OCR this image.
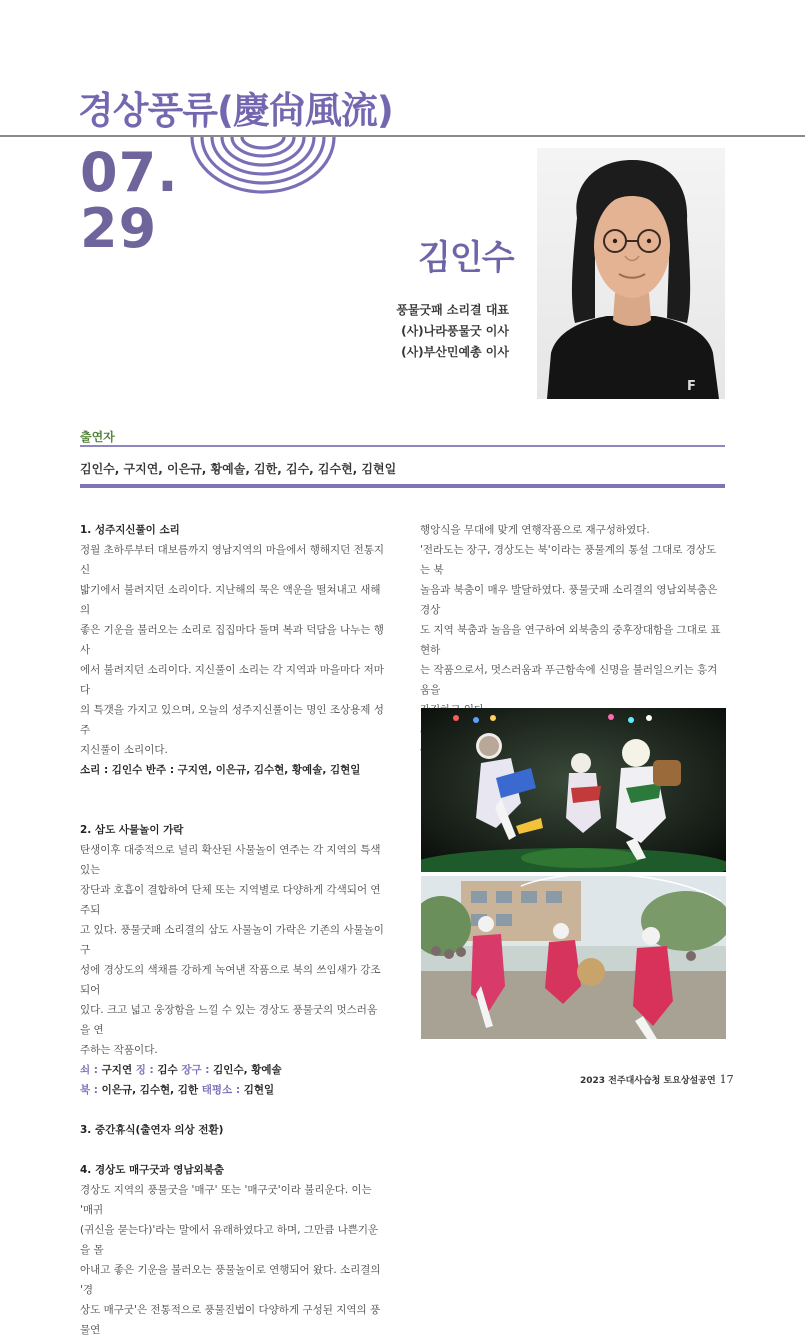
경상풍류(慶尙風流)
07.
29	김인수
풍물굿패 소리결 대표
(사)나라풍물굿 이사
(사)부산민예총 이사
F
출연자
김인수, 구지연, 이은규, 황예솔, 김한, 김수, 김수현, 김현일

1. 성주지신풀이 소리

정월 초하루부터 대보름까지 영남지역의 마을에서 행해지던 전통지신

밟기에서 불려지던 소리이다. 지난해의 묵은 액운을 떨쳐내고 새해의

좋은 기운을 불러오는 소리로 집집마다 돌며 복과 덕담을 나누는 행사

에서 불려지던 소리이다. 지신풀이 소리는 각 지역과 마을마다 저마다

의 특갯을 가지고 있으며, 오늘의 성주지신풀이는 명인 조상용제 성주

지신풀이 소리이다.

소리 : 김인수 반주 : 구지연, 이은규, 김수현, 황예솔, 김현일

2. 삼도 사물놀이 가락

탄생이후 대중적으로 널리 확산된 사물놀이 연주는 각 지역의 특색있는

장단과 호흡이 결합하여 단체 또는 지역별로 다양하게 각색되어 연주되

고 있다. 풍물굿패 소리결의 삼도 사물놀이 가락은 기존의 사물놀이 구

성에 경상도의 색채를 강하게 녹여낸 작품으로 북의 쓰임새가 강조되어

있다. 크고 넓고 웅장함을 느낄 수 있는 경상도 풍물굿의 멋스러움을 연

주하는 작품이다.

쇠 : 구지연 징 : 김수 장구 : 김인수, 황예솔

북 : 이은규, 김수현, 김한 태평소 : 김현일

3. 중간휴식(출연자 의상 전환)

4. 경상도 매구굿과 영남외북춤

경상도 지역의 풍물굿을 '매구' 또는 '매구굿'이라 불리운다. 이는 '매귀

(귀신을 묻는다)'라는 말에서 유래하였다고 하며, 그만큼 나쁜기운을 몰

아내고 좋은 기운을 불러오는 풍물놀이로 연행되어 왔다. 소리결의 '경

상도 매구굿'은 전통적으로 풍물진법이 다양하게 구성된 지역의 풍물연

행앙식을 무대에 맞게 연행작품으로 재구성하였다.

'전라도는 장구, 경상도는 북'이라는 풍물계의 통설 그대로 경상도는 북

놀음과 북춤이 매우 발달하였다. 풍물굿패 소리결의 영남외북춤은 경상

도 지역 북춤과 놀음을 연구하여 외북춤의 중후장대함을 그대로 표현하

는 작품으로서, 멋스러움과 푸근함속에 신명을 불러일으키는 흥겨움을

2023 전주대사습청 토요상설공연 17
